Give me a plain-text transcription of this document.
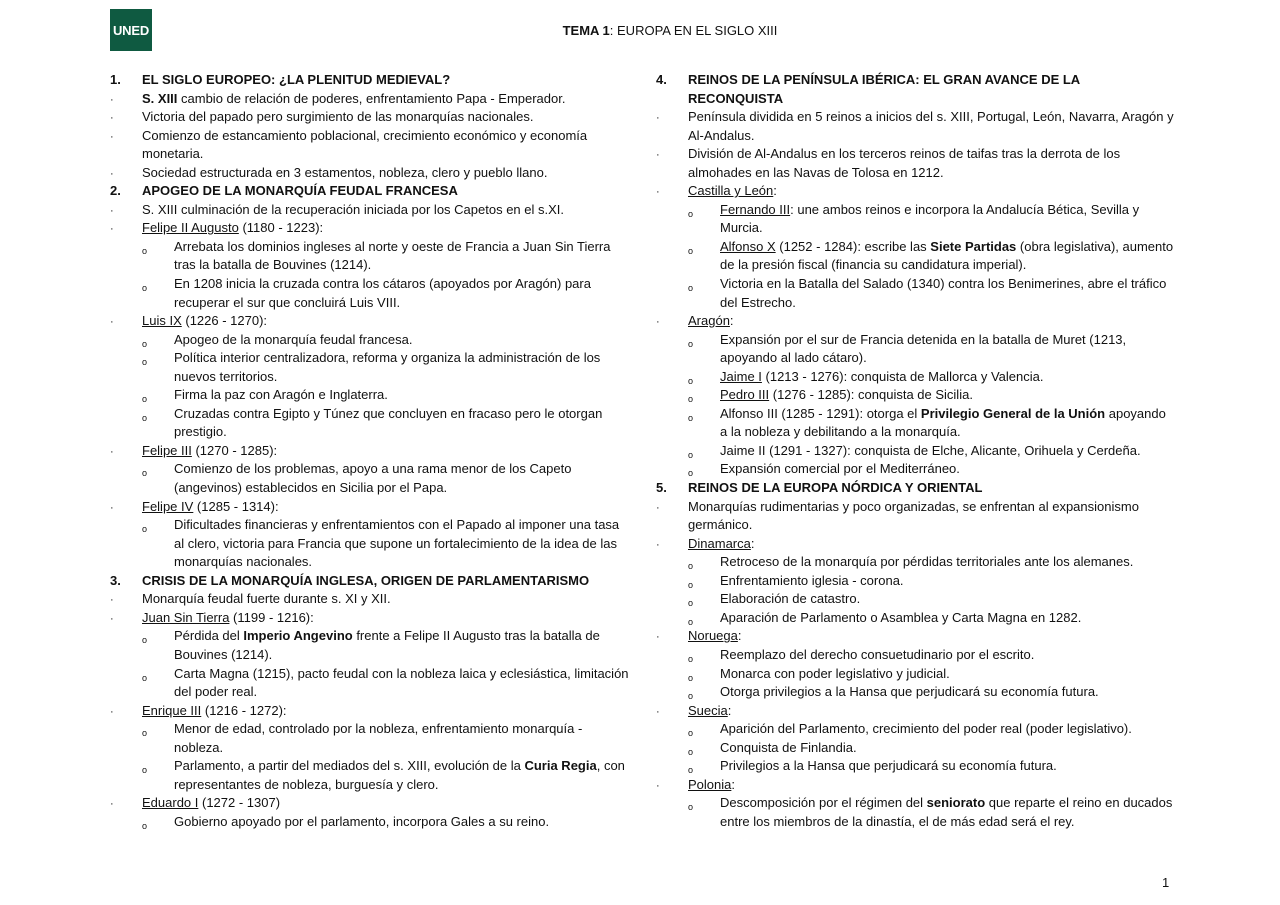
UNED	TEMA 1: EUROPA EN EL SIGLO XIII
1. EL SIGLO EUROPEO: ¿LA PLENITUD MEDIEVAL?
· S. XIII cambio de relación de poderes, enfrentamiento Papa - Emperador.
· Victoria del papado pero surgimiento de las monarquías nacionales.
· Comienzo de estancamiento poblacional, crecimiento económico y economía monetaria.
· Sociedad estructurada en 3 estamentos, nobleza, clero y pueblo llano.
2. APOGEO DE LA MONARQUÍA FEUDAL FRANCESA
· S. XIII culminación de la recuperación iniciada por los Capetos en el s.XI.
· Felipe II Augusto (1180 - 1223):
o Arrebata los dominios ingleses al norte y oeste de Francia a Juan Sin Tierra tras la batalla de Bouvines (1214).
o En 1208 inicia la cruzada contra los cátaros (apoyados por Aragón) para recuperar el sur que concluirá Luis VIII.
· Luis IX (1226 - 1270):
o Apogeo de la monarquía feudal francesa.
o Política interior centralizadora, reforma y organiza la administración de los nuevos territorios.
o Firma la paz con Aragón e Inglaterra.
o Cruzadas contra Egipto y Túnez que concluyen en fracaso pero le otorgan prestigio.
· Felipe III (1270 - 1285):
o Comienzo de los problemas, apoyo a una rama menor de los Capeto (angevinos) establecidos en Sicilia por el Papa.
· Felipe IV (1285 - 1314):
o Dificultades financieras y enfrentamientos con el Papado al imponer una tasa al clero, victoria para Francia que supone un fortalecimiento de la idea de las monarquías nacionales.
3. CRISIS DE LA MONARQUÍA INGLESA, ORIGEN DE PARLAMENTARISMO
· Monarquía feudal fuerte durante s. XI y XII.
· Juan Sin Tierra (1199 - 1216):
o Pérdida del Imperio Angevino frente a Felipe II Augusto tras la batalla de Bouvines (1214).
o Carta Magna (1215), pacto feudal con la nobleza laica y eclesiástica, limitación del poder real.
· Enrique III (1216 - 1272):
o Menor de edad, controlado por la nobleza, enfrentamiento monarquía - nobleza.
o Parlamento, a partir del mediados del s. XIII, evolución de la Curia Regia, con representantes de nobleza, burguesía y clero.
· Eduardo I (1272 - 1307)
o Gobierno apoyado por el parlamento, incorpora Gales a su reino.
4. REINOS DE LA PENÍNSULA IBÉRICA: EL GRAN AVANCE DE LA RECONQUISTA
· Península dividida en 5 reinos a inicios del s. XIII, Portugal, León, Navarra, Aragón y Al-Andalus.
· División de Al-Andalus en los terceros reinos de taifas tras la derrota de los almohades en las Navas de Tolosa en 1212.
· Castilla y León:
o Fernando III: une ambos reinos e incorpora la Andalucía Bética, Sevilla y Murcia.
o Alfonso X (1252 - 1284): escribe las Siete Partidas (obra legislativa), aumento de la presión fiscal (financia su candidatura imperial).
o Victoria en la Batalla del Salado (1340) contra los Benimerines, abre el tráfico del Estrecho.
· Aragón:
o Expansión por el sur de Francia detenida en la batalla de Muret (1213, apoyando al lado cátaro).
o Jaime I (1213 - 1276): conquista de Mallorca y Valencia.
o Pedro III (1276 - 1285): conquista de Sicilia.
o Alfonso III (1285 - 1291): otorga el Privilegio General de la Unión apoyando a la nobleza y debilitando a la monarquía.
o Jaime II (1291 - 1327): conquista de Elche, Alicante, Orihuela y Cerdeña.
o Expansión comercial por el Mediterráneo.
5. REINOS DE LA EUROPA NÓRDICA Y ORIENTAL
· Monarquías rudimentarias y poco organizadas, se enfrentan al expansionismo germánico.
· Dinamarca:
o Retroceso de la monarquía por pérdidas territoriales ante los alemanes.
o Enfrentamiento iglesia - corona.
o Elaboración de catastro.
o Aparación de Parlamento o Asamblea y Carta Magna en 1282.
· Noruega:
o Reemplazo del derecho consuetudinario por el escrito.
o Monarca con poder legislativo y judicial.
o Otorga privilegios a la Hansa que perjudicará su economía futura.
· Suecia:
o Aparición del Parlamento, crecimiento del poder real (poder legislativo).
o Conquista de Finlandia.
o Privilegios a la Hansa que perjudicará su economía futura.
· Polonia:
o Descomposición por el régimen del seniorato que reparte el reino en ducados entre los miembros de la dinastía, el de más edad será el rey.
1
